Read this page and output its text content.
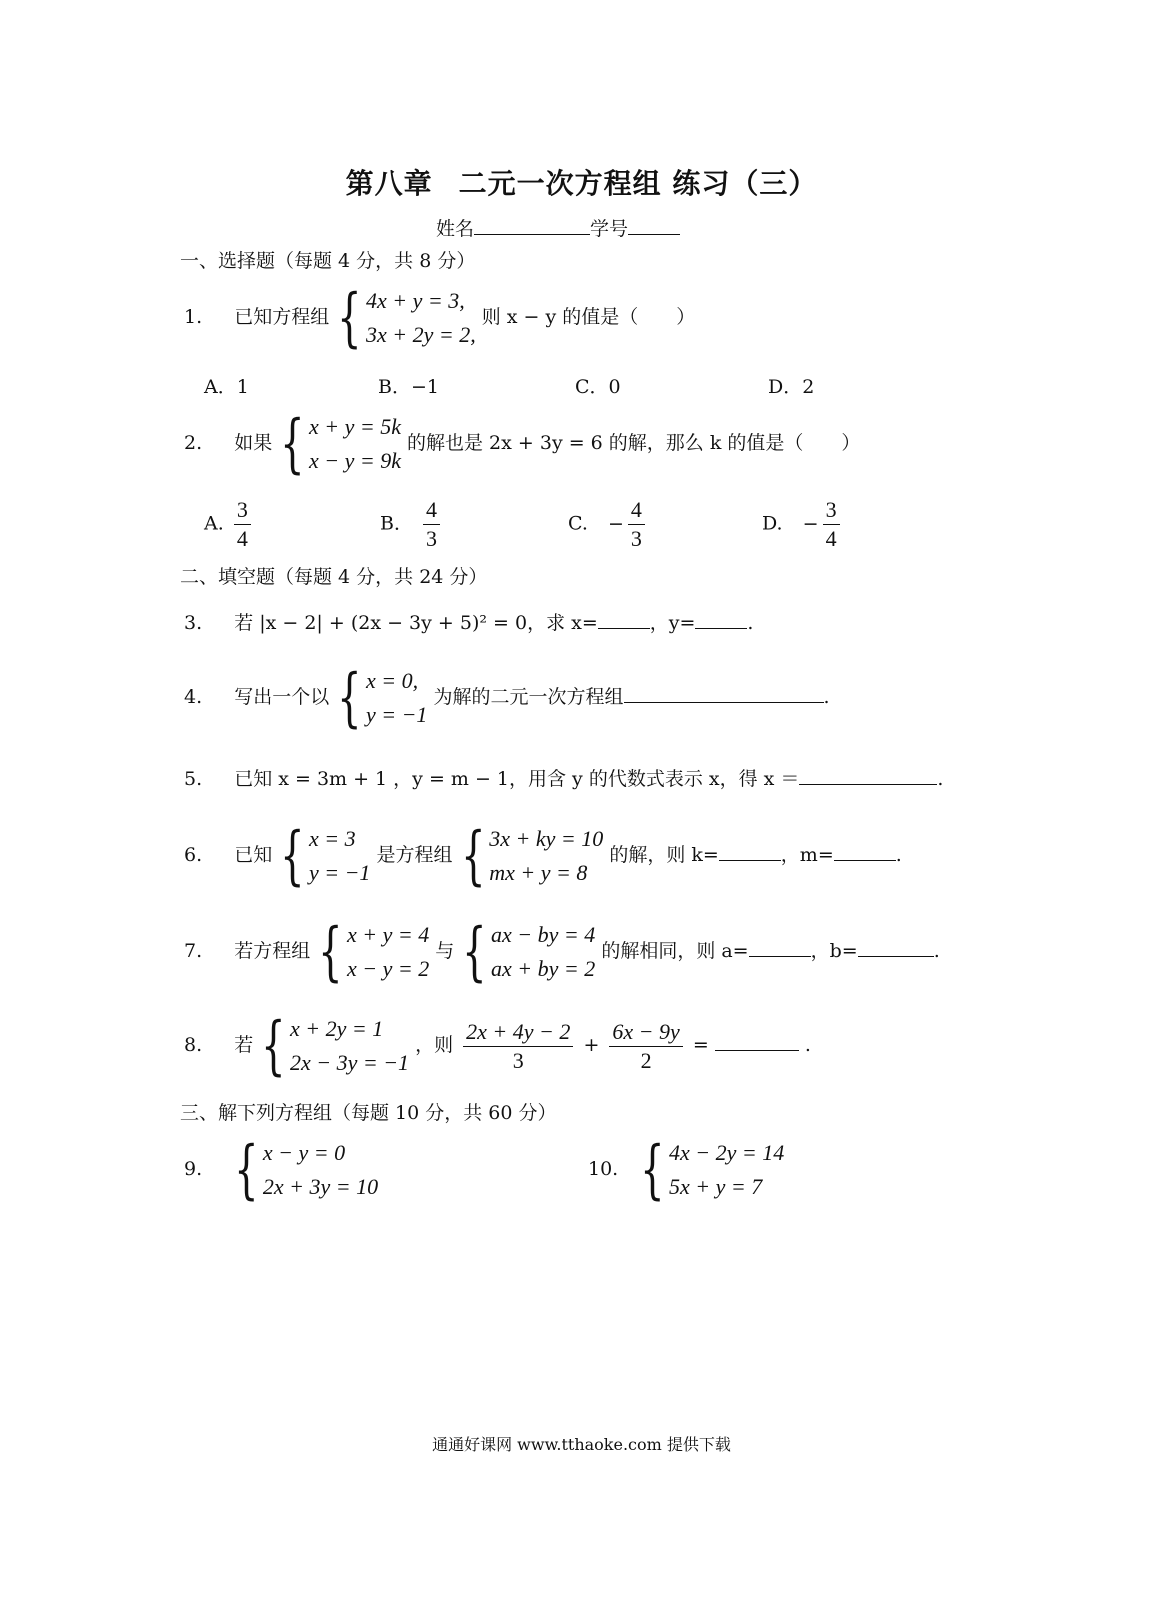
第八章 二元一次方程组 练习（三）
姓名	学号
一、选择题（每题 4 分，共 8 分）
1. 已知方程组 { 4x + y = 3,
3x + 2y = 2,
则 x − y 的值是（　　）
A．1	B．−1	C．0	D．2
2. 如果 { x + y = 5k
x − y = 9k
的解也是 2x + 3y = 6 的解，那么 k 的值是（　　）
A. $\frac{3}{4}$	B． $\frac{4}{3}$	C. − $\frac{4}{3}$	D. − $\frac{3}{4}$
二、填空题（每题 4 分，共 24 分）
3. 若 |x − 2| + (2x − 3y + 5)² = 0，求 x=	，y=	.
4. 写出一个以 { x = 0,
y = −1
为解的二元一次方程组	.
5. 已知 x = 3m + 1 ，y = m − 1，用含 y 的代数式表示 x，得 x ＝	.
6. 已知 { x = 3
y = −1
是方程组 { 3x + ky = 10
mx + y = 8
的解，则 k=	，m=	.
7. 若方程组 { x + y = 4
x − y = 2
与 { ax − by = 4
ax + by = 2
的解相同，则 a=	，b=	.
8. 若 { x + 2y = 1
2x − 3y = −1
，则 $\frac{2x + 4y - 2}{3} + \frac{6x - 9y}{2}$ =	.
三、解下列方程组（每题 10 分，共 60 分）
9. { x − y = 0
2x + 3y = 10
10. { 4x − 2y = 14
5x + y = 7
通通好课网 www.tthaoke.com 提供下载
